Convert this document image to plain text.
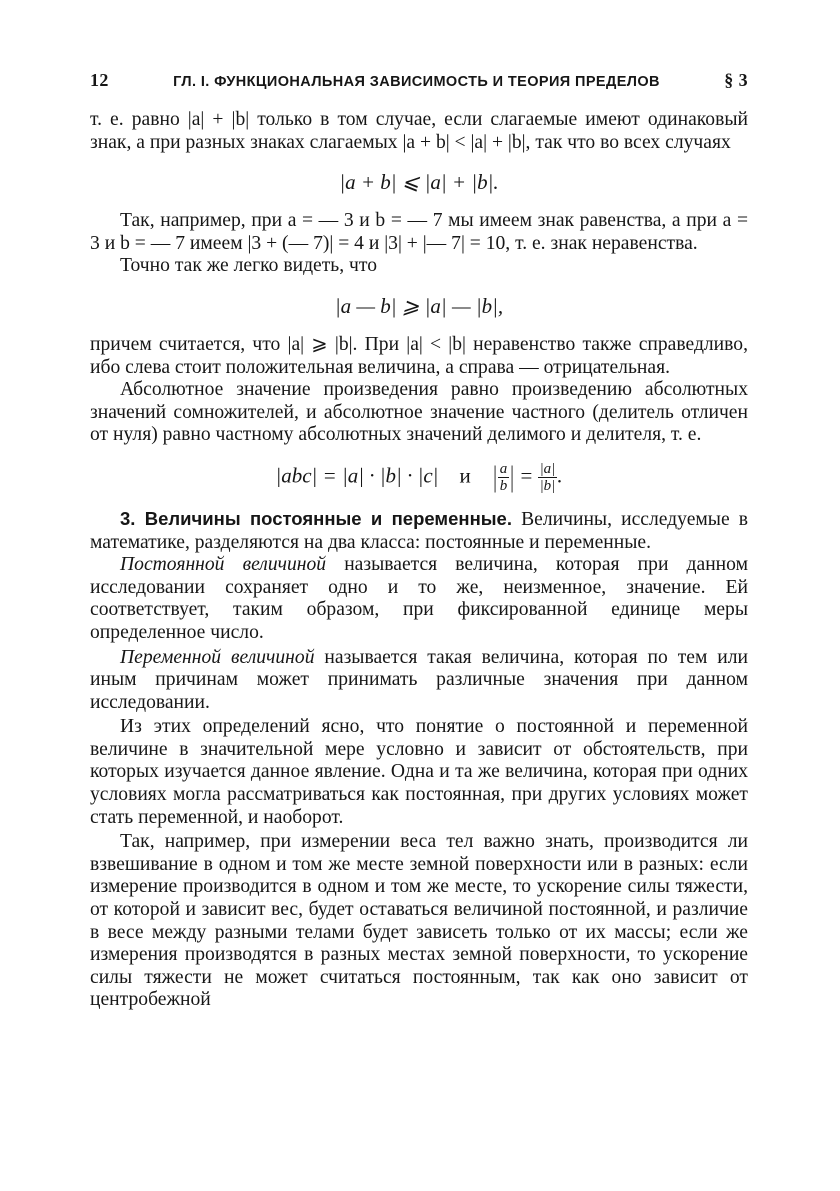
12	ГЛ. I. ФУНКЦИОНАЛЬНАЯ ЗАВИСИМОСТЬ И ТЕОРИЯ ПРЕДЕЛОВ	§ 3

т. е. равно |a| + |b| только в том случае, если слагаемые имеют одинаковый знак, а при разных знаках слагаемых |a + b| < |a| + |b|, так что во всех случаях

|a + b| ⩽ |a| + |b|.

Так, например, при a = — 3 и b = — 7 мы имеем знак равенства, а при a = 3 и b = — 7 имеем |3 + (— 7)| = 4 и |3| + |— 7| = 10, т. е. знак неравенства.

Точно так же легко видеть, что

|a — b| ⩾ |a| — |b|,

причем считается, что |a| ⩾ |b|. При |a| < |b| неравенство также справедливо, ибо слева стоит положительная величина, а справа — отрицательная.

Абсолютное значение произведения равно произведению абсолютных значений сомножителей, и абсолютное значение частного (делитель отличен от нуля) равно частному абсолютных значений делимого и делителя, т. е.

|abc| = |a| · |b| · |c| и | $\frac{a}{b}$ | = $\frac{|a|}{|b|}$ .

3. Величины постоянные и переменные. Величины, исследуемые в математике, разделяются на два класса: постоянные и переменные.

Постоянной величиной называется величина, которая при данном исследовании сохраняет одно и то же, неизменное, значение. Ей соответствует, таким образом, при фиксированной единице меры определенное число.

Переменной величиной называется такая величина, которая по тем или иным причинам может принимать различные значения при данном исследовании.

Из этих определений ясно, что понятие о постоянной и переменной величине в значительной мере условно и зависит от обстоятельств, при которых изучается данное явление. Одна и та же величина, которая при одних условиях могла рассматриваться как постоянная, при других условиях может стать переменной, и наоборот.

Так, например, при измерении веса тел важно знать, производится ли взвешивание в одном и том же месте земной поверхности или в разных: если измерение производится в одном и том же месте, то ускорение силы тяжести, от которой и зависит вес, будет оставаться величиной постоянной, и различие в весе между разными телами будет зависеть только от их массы; если же измерения производятся в разных местах земной поверхности, то ускорение силы тяжести не может считаться постоянным, так как оно зависит от центробежной
